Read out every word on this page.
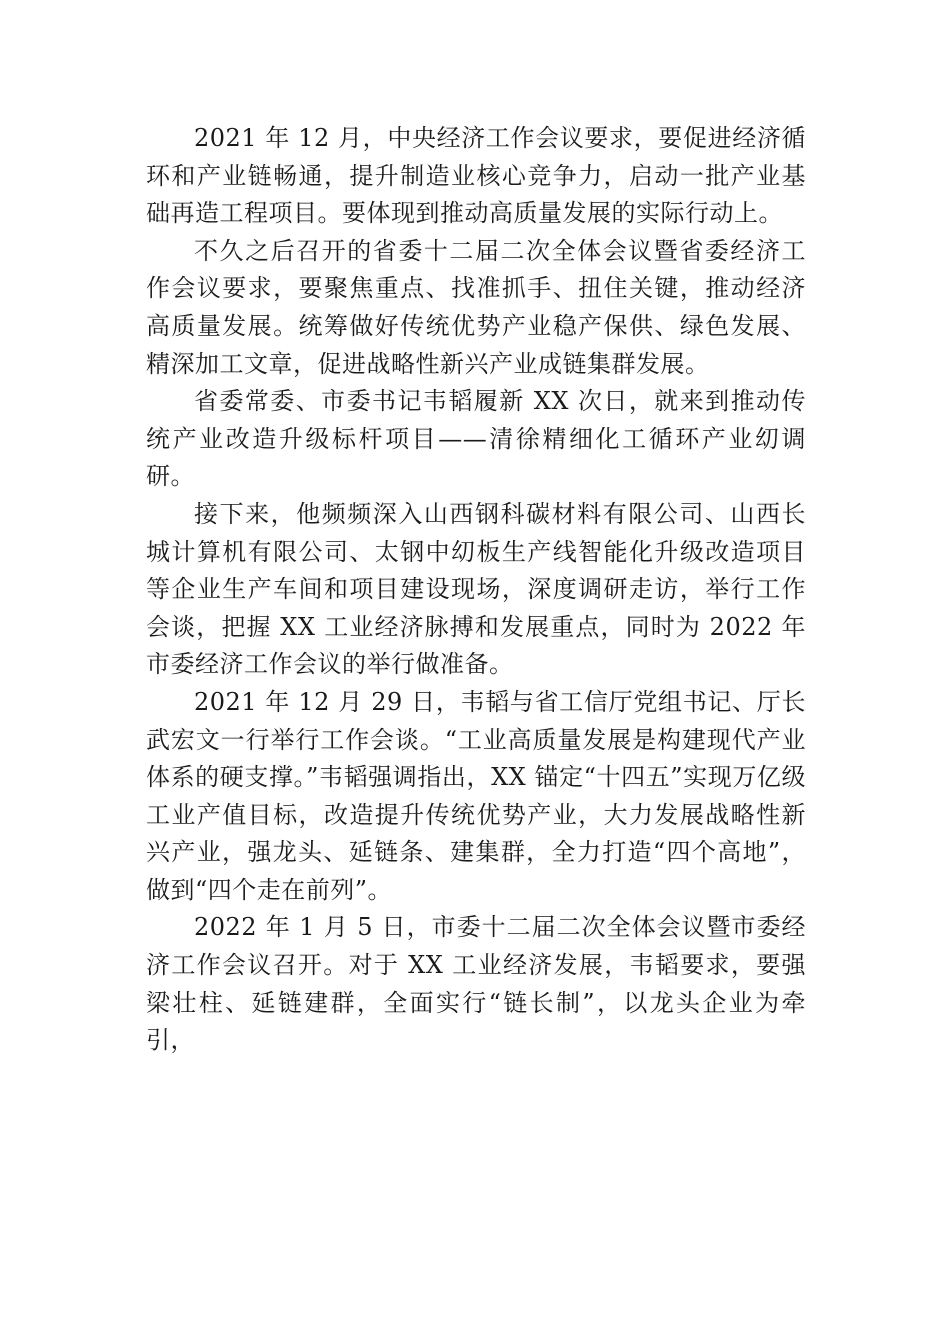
2021 年 12 月，中央经济工作会议要求，要促进经济循环和产业链畅通，提升制造业核心竞争力，启动一批产业基础再造工程项目。要体现到推动高质量发展的实际行动上。

不久之后召开的省委十二届二次全体会议暨省委经济工作会议要求，要聚焦重点、找准抓手、扭住关键，推动经济高质量发展。统筹做好传统优势产业稳产保供、绿色发展、精深加工文章，促进战略性新兴产业成链集群发展。

省委常委、市委书记韦韬履新 XX 次日，就来到推动传统产业改造升级标杆项目——清徐精细化工循环产业㓜调 研。

接下来，他频频深入山西钢科碳材料有限公司、山西长城计算机有限公司、太钢中㓜板生产线智能化升级改造项目等企业生产车间和项目建设现场，深度调研走访，举行工作会谈，把握 XX 工业经济脉搏和发展重点，同时为 2022 年市委经济工作会议的举行做准备。

2021 年 12 月 29 日，韦韬与省工信厅党组书记、厅长武宏文一行举行工作会谈。“工业高质量发展是构建现代产业 体系的硬支撑。”韦韬强调指出，XX 锚定“十四五”实现万亿级工业产值目标，改造提升传统优势产业，大力发展战略性新兴产业，强龙头、延链条、建集群，全力打造“四个高地”，做到“四个走在前列”。

2022 年 1 月 5 日，市委十二届二次全体会议暨市委经济工作会议召开。对于 XX 工业经济发展，韦韬要求，要强梁壮柱、延链建群，全面实行“链长制”，以龙头企业为牵引，
